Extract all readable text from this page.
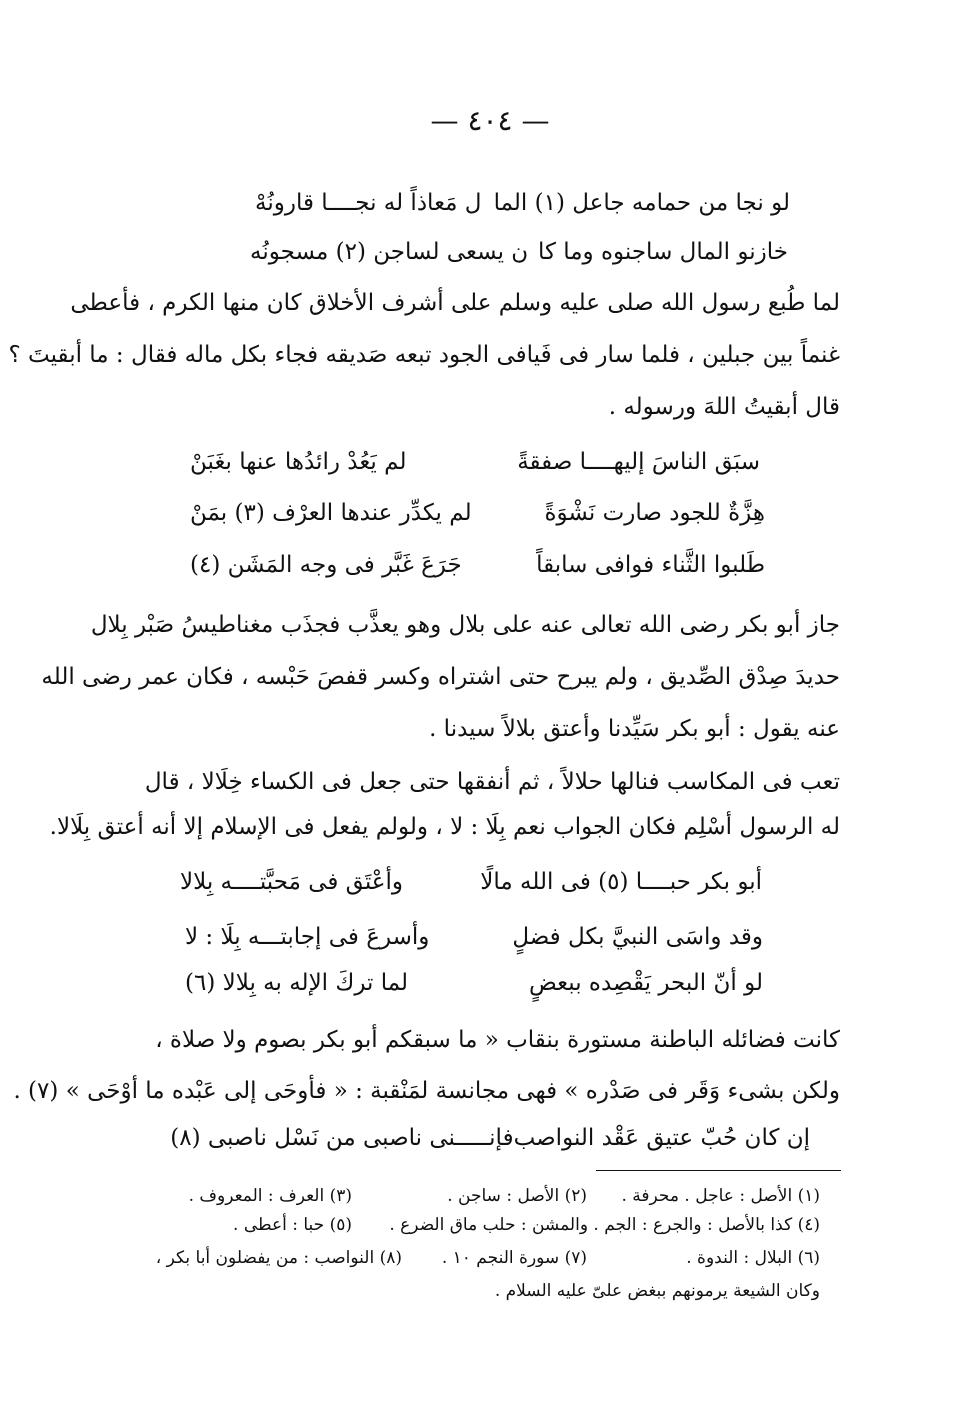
— ٤٠٤ —
لو نجا من حمامه جاعل (١) الما
ل مَعاذاً له نجــــا قارونُهْ
خازنو المال ساجنوه وما كا
ن يسعى لساجن (٢) مسجونُه
لما طُبع رسول الله صلى عليه وسلم على أشرف الأخلاق كان منها الكرم ، فأعطى
غنماً بين جبلين ، فلما سار فى فَيافى الجود تبعه صَديقه فجاء بكل ماله فقال : ما أبقيتَ ؟
قال أبقيتُ اللهَ ورسوله .
سبَق الناسَ إليهــــا صفقةً
لم يَعُدْ رائدُها عنها بغَبَنْ
هِزَّةٌ للجود صارت نَشْوَةً
لم يكدِّر عندها العرْف (٣) بمَنْ
طَلبوا الثَّناء فوافى سابقاً
جَرَعَ غَبَّر فى وجه المَشَن (٤)
جاز أبو بكر رضى الله تعالى عنه على بلال وهو يعذَّب فجذَب مغناطيسُ صَبْر بِلال
حديدَ صِدْق الصِّديق ، ولم يبرح حتى اشتراه وكسر قفصَ حَبْسه ، فكان عمر رضى الله
عنه يقول : أبو بكر سَيِّدنا وأعتق بلالاً سيدنا .
تعب فى المكاسب فنالها حلالاً ، ثم أنفقها حتى جعل فى الكساء خِلَالا ، قال
له الرسول أسْلِم فكان الجواب نعم بِلَا : لا ، ولولم يفعل فى الإسلام إلا أنه أعتق بِلَالا.
أبو بكر حبــــا (٥) فى الله مالًا
وأعْتَق فى مَحبَّتــــه بِلالا
وقد واسَى النبيَّ بكل فضلٍ
وأسرعَ فى إجابتـــه بِلَا : لا
لو أنّ البحر يَقْصِده ببعضٍ
لما تركَ الإله به بِلالا (٦)
كانت فضائله الباطنة مستورة بنقاب « ما سبقكم أبو بكر بصوم ولا صلاة ،
ولكن بشىء وَقَر فى صَدْره » فهى مجانسة لمَنْقبة : « فأوحَى إلى عَبْده ما أوْحَى » (٧) .
إن كان حُبّ عتيق عَقْد النواصب
فإنـــــنى ناصبى من نَسْل ناصبى (٨)
(١) الأصل : عاجل . محرفة .
(٢) الأصل : ساجن .
(٣) العرف : المعروف .
(٤) كذا بالأصل : والجرع : الجم . والمشن : حلب ماق الضرع .
(٥) حبا : أعطى .
(٦) البلال : الندوة .
(٧) سورة النجم ١٠ .
(٨) النواصب : من يفضلون أبا بكر ،
وكان الشيعة يرمونهم ببغض علىّ عليه السلام .
